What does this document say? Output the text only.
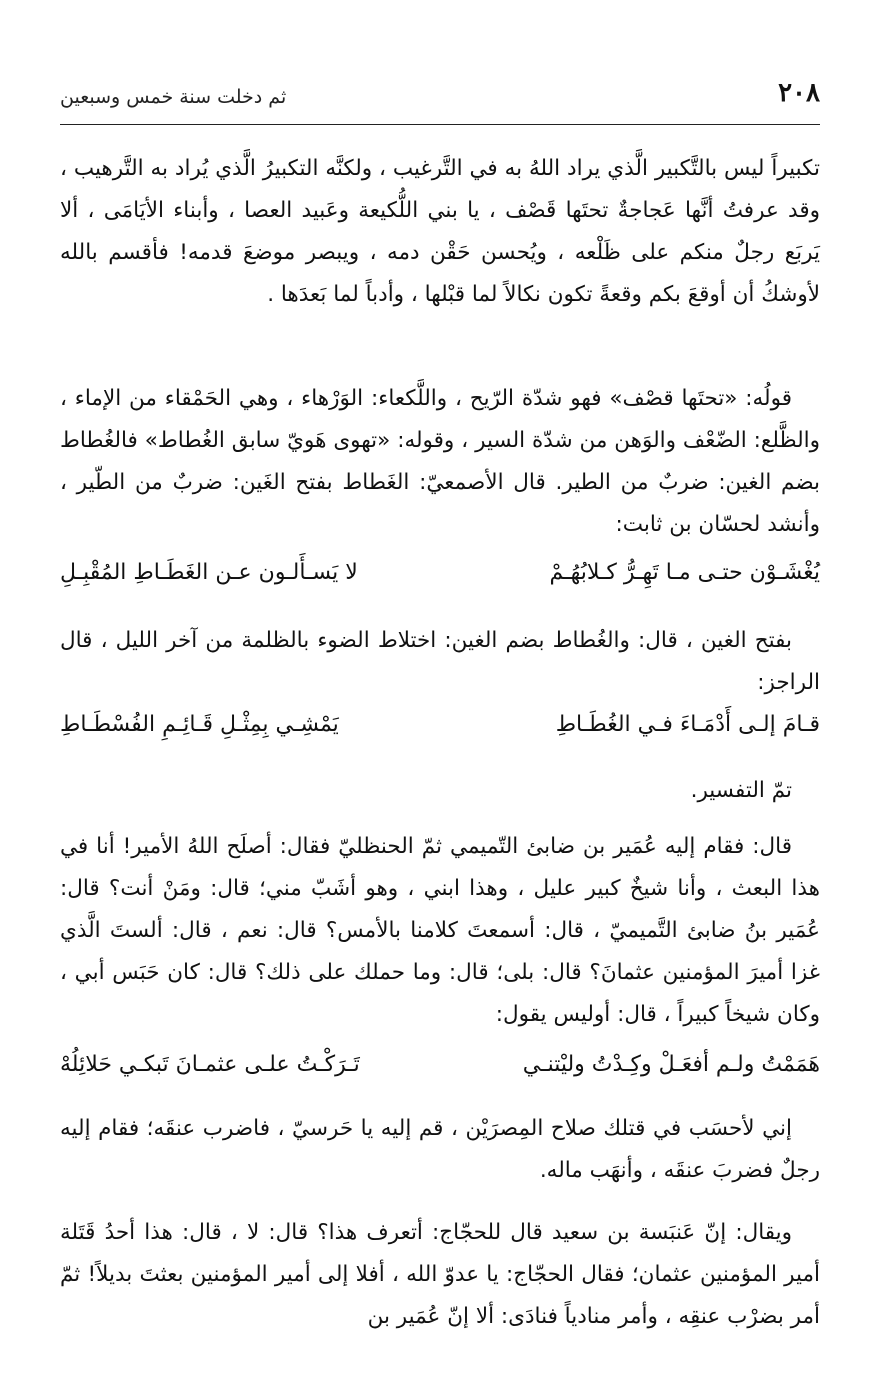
٢٠٨
ثم دخلت سنة خمس وسبعين

تكبيراً ليس بالتَّكبير الَّذي يراد اللهُ به في التَّرغيب ، ولكنَّه التكبيرُ الَّذي يُراد به التَّرهيب ، وقد عرفتُ أنَّها عَجاجةٌ تحتَها قَصْف ، يا بني اللُّكيعة وعَبيد العصا ، وأبناء الأيَامَى ، ألا يَربَع رجلٌ منكم على ظَلْعه ، ويُحسن حَقْن دمه ، ويبصر موضعَ قدمه! فأقسم بالله لأوشكُ أن أوقعَ بكم وقعةً تكون نكالاً لما قبْلها ، وأدباً لما بَعدَها .

قولُه: «تحتَها قصْف» فهو شدّة الرّيح ، واللَّكعاء: الوَرْهاء ، وهي الحَمْقاء من الإماء ، والظَّلع: الضّعْف والوَهن من شدّة السير ، وقوله: «تهوى هَويّ سابق الغُطاط» فالغُطاط بضم الغين: ضربٌ من الطير. قال الأصمعيّ: الغَطاط بفتح الغَين: ضربٌ من الطّير ، وأنشد لحسّان بن ثابت:

يُغْشَـوْن حتـى مـا تَهِـرُّ كـلابُهُـمْ
لا يَسـأَلـون عـن الغَطَـاطِ المُقْبِـلِ

بفتح الغين ، قال: والغُطاط بضم الغين: اختلاط الضوء بالظلمة من آخر الليل ، قال الراجز:

قـامَ إلـى أَدْمَـاءَ فـي الغُطَـاطِ
يَمْشِـي بِمِثْـلِ قَـائِـمِ الفُسْطَـاطِ

تمّ التفسير.

قال: فقام إليه عُمَير بن ضابئ التّميمي ثمّ الحنظليّ فقال: أصلَح اللهُ الأمير! أنا في هذا البعث ، وأنا شيخٌ كبير عليل ، وهذا ابني ، وهو أشَبّ مني؛ قال: ومَنْ أنت؟ قال: عُمَير بنُ ضابئ التَّميميّ ، قال: أسمعتَ كلامنا بالأمس؟ قال: نعم ، قال: ألستَ الَّذي غزا أميرَ المؤمنين عثمانَ؟ قال: بلى؛ قال: وما حملك على ذلك؟ قال: كان حَبَس أبي ، وكان شيخاً كبيراً ، قال: أوليس يقول:

هَمَمْتُ ولـم أفعَـلْ وكِـدْتُ وليْتنـي
تَـرَكْـتُ علـى عثمـانَ تَبكـي حَلائِلُهْ

إني لأحسَب في قتلك صلاح المِصرَيْن ، قم إليه يا حَرسيّ ، فاضرب عنقَه؛ فقام إليه رجلٌ فضربَ عنقَه ، وأنهَب ماله.

ويقال: إنّ عَنبَسة بن سعيد قال للحجّاج: أتعرف هذا؟ قال: لا ، قال: هذا أحدُ قَتَلة أمير المؤمنين عثمان؛ فقال الحجّاج: يا عدوّ الله ، أفلا إلى أمير المؤمنين بعثتَ بديلاً! ثمّ أمر بضرْب عنقِه ، وأمر منادياً فنادَى: ألا إنّ عُمَير بن
